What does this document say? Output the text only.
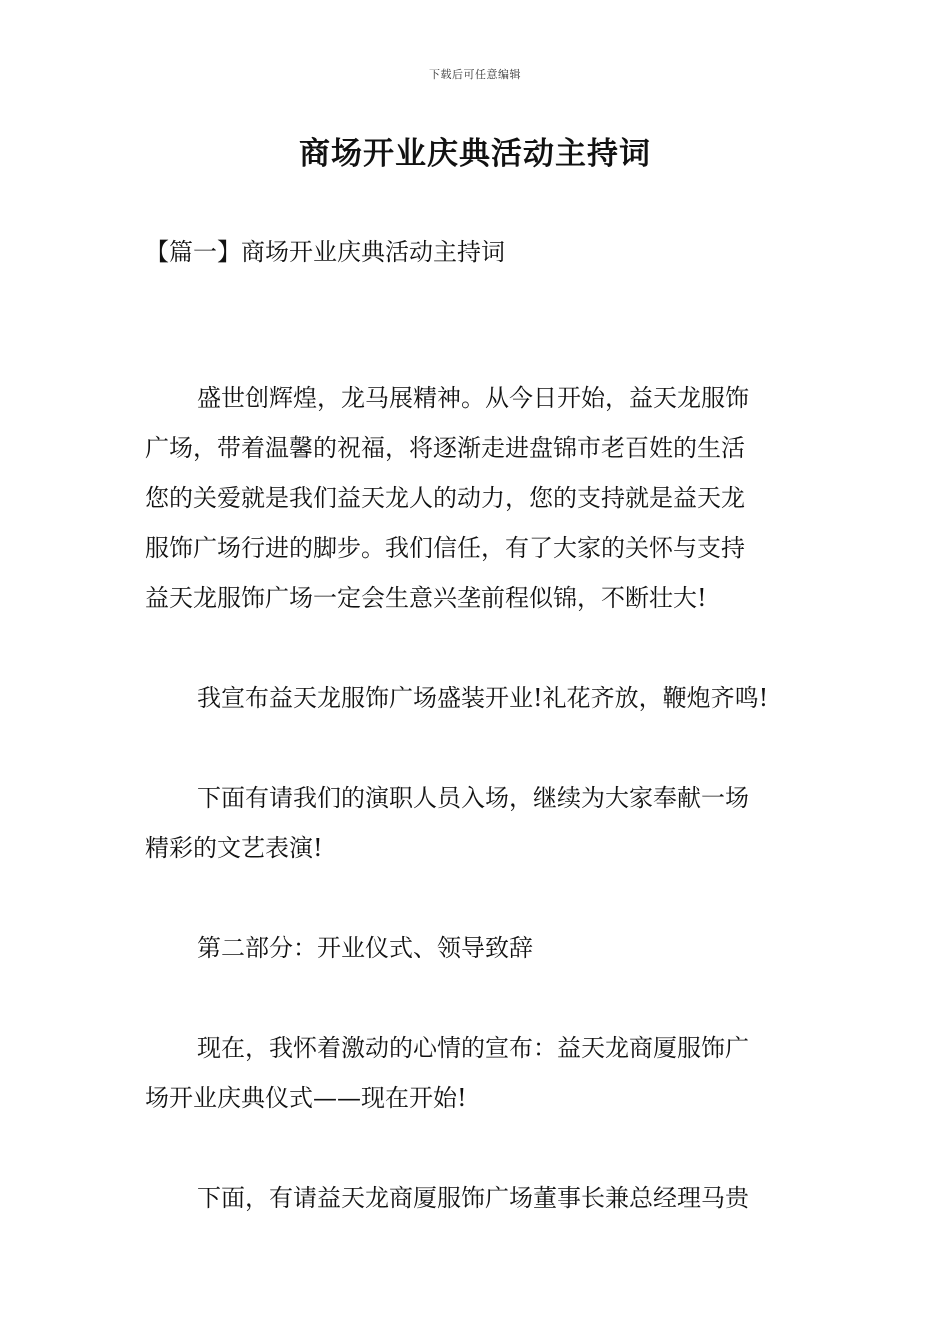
下载后可任意编辑
商场开业庆典活动主持词
【篇一】商场开业庆典活动主持词

盛世创辉煌，龙马展精神。从今日开始，益天龙服饰
广场，带着温馨的祝福，将逐渐走进盘锦市老百姓的生活
您的关爱就是我们益天龙人的动力，您的支持就是益天龙
服饰广场行进的脚步。我们信任，有了大家的关怀与支持
益天龙服饰广场一定会生意兴垄前程似锦，不断壮大!

我宣布益天龙服饰广场盛装开业!礼花齐放，鞭炮齐鸣!

下面有请我们的演职人员入场，继续为大家奉献一场
精彩的文艺表演!

第二部分：开业仪式、领导致辞

现在，我怀着激动的心情的宣布：益天龙商厦服饰广
场开业庆典仪式——现在开始!

下面，有请益天龙商厦服饰广场董事长兼总经理马贵
